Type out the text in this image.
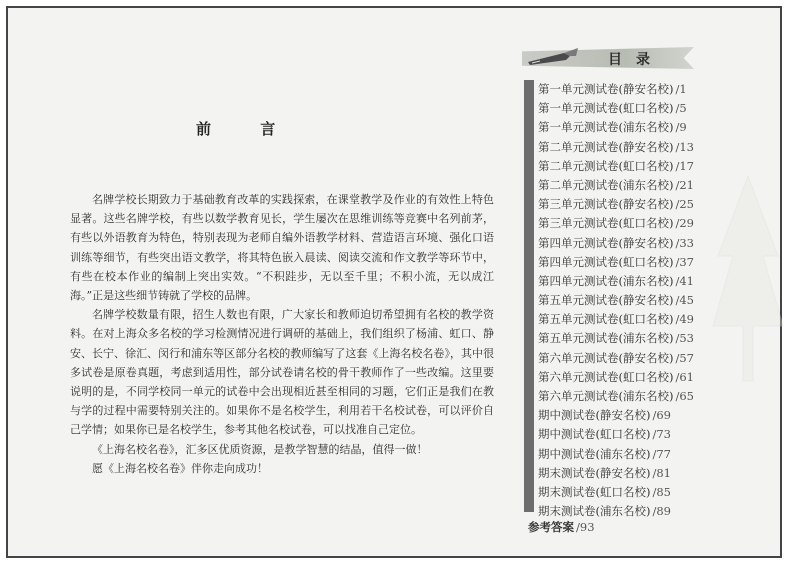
前 言

名牌学校长期致力于基础教育改革的实践探索，在课堂教学及作业的有效性上特色显著。这些名牌学校，有些以数学教育见长，学生屡次在思维训练等竞赛中名列前茅，有些以外语教育为特色，特别表现为老师自编外语教学材料、营造语言环境、强化口语训练等细节，有些突出语文教学，将其特色嵌入晨读、阅读交流和作文教学等环节中，有些在校本作业的编制上突出实效。“不积跬步，无以至千里；不积小流，无以成江海。”正是这些细节铸就了学校的品牌。

名牌学校数量有限，招生人数也有限，广大家长和教师迫切希望拥有名校的教学资料。在对上海众多名校的学习检测情况进行调研的基础上，我们组织了杨浦、虹口、静安、长宁、徐汇、闵行和浦东等区部分名校的教师编写了这套《上海名校名卷》，其中很多试卷是原卷真题，考虑到适用性，部分试卷请名校的骨干教师作了一些改编。这里要说明的是，不同学校同一单元的试卷中会出现相近甚至相同的习题，它们正是我们在教与学的过程中需要特别关注的。如果你不是名校学生，利用若干名校试卷，可以评价自己学情；如果你已是名校学生，参考其他名校试卷，可以找准自己定位。

《上海名校名卷》，汇多区优质资源，是教学智慧的结晶，值得一做！

愿《上海名校名卷》伴你走向成功！

目录
第一单元测试卷(静安名校) /1
第一单元测试卷(虹口名校) /5
第一单元测试卷(浦东名校) /9
第二单元测试卷(静安名校) /13
第二单元测试卷(虹口名校) /17
第二单元测试卷(浦东名校) /21
第三单元测试卷(静安名校) /25
第三单元测试卷(虹口名校) /29
第四单元测试卷(静安名校) /33
第四单元测试卷(虹口名校) /37
第四单元测试卷(浦东名校) /41
第五单元测试卷(静安名校) /45
第五单元测试卷(虹口名校) /49
第五单元测试卷(浦东名校) /53
第六单元测试卷(静安名校) /57
第六单元测试卷(虹口名校) /61
第六单元测试卷(浦东名校) /65
期中测试卷(静安名校) /69
期中测试卷(虹口名校) /73
期中测试卷(浦东名校) /77
期末测试卷(静安名校) /81
期末测试卷(虹口名校) /85
期末测试卷(浦东名校) /89
参考答案 /93
